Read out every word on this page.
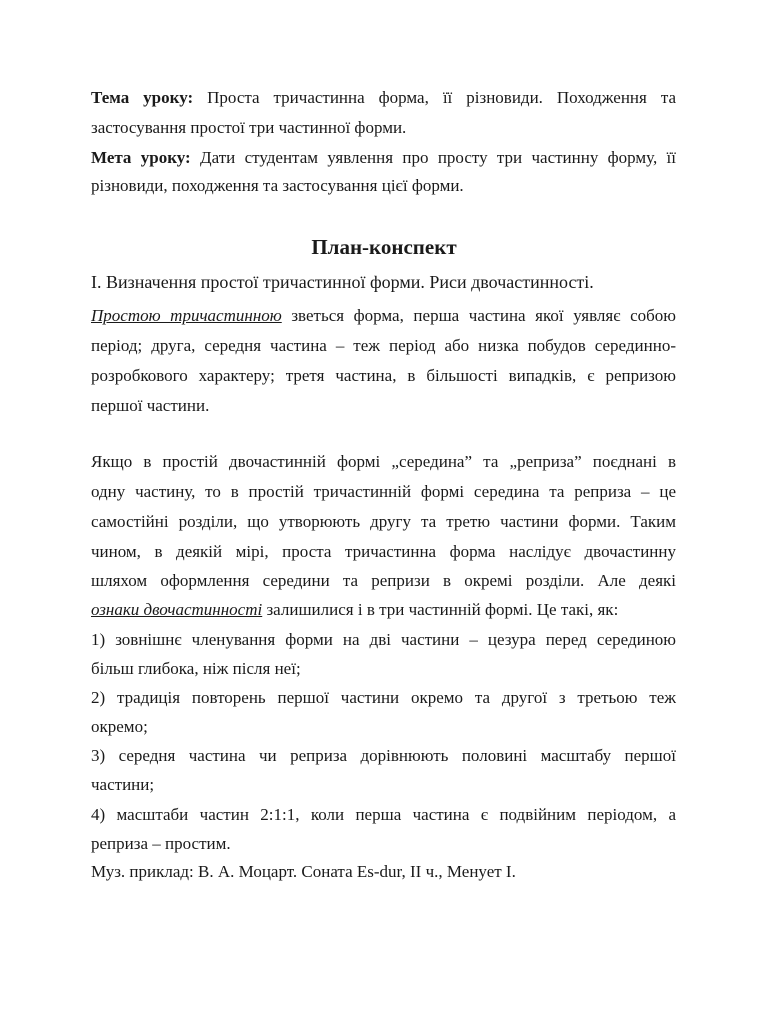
Тема уроку: Проста тричастинна форма, її різновиди. Походження та
застосування простої три частинної форми.
Мета уроку: Дати студентам уявлення про просту три частинну форму, її
різновиди, походження та застосування цієї форми.
План-конспект
I. Визначення простої тричастинної форми. Риси двочастинності.
Простою тричастинною зветься форма, перша частина якої уявляє собою
період; друга, середня частина – теж період або низка побудов серединно-
розробкового характеру; третя частина, в більшості випадків, є репризою
першої частини.
Якщо в простій двочастинній формі „середина” та „реприза” поєднані в
одну частину, то в простій тричастинній формі середина та реприза – це
самостійні розділи, що утворюють другу та третю частини форми. Таким
чином, в деякій мірі, проста тричастинна форма наслідує двочастинну
шляхом оформлення середини та репризи в окремі розділи. Але деякі
ознаки двочастинності залишилися і в три частинній формі. Це такі, як:
1) зовнішнє членування форми на дві частини – цезура перед серединою
більш глибока, ніж після неї;
2) традиція повторень першої частини окремо та другої з третьою теж
окремо;
3) середня частина чи реприза дорівнюють половині масштабу першої
частини;
4) масштаби частин 2:1:1, коли перша частина є подвійним періодом, а
реприза – простим.
Муз. приклад: В. А. Моцарт. Соната Es-dur, II ч., Менует I.
